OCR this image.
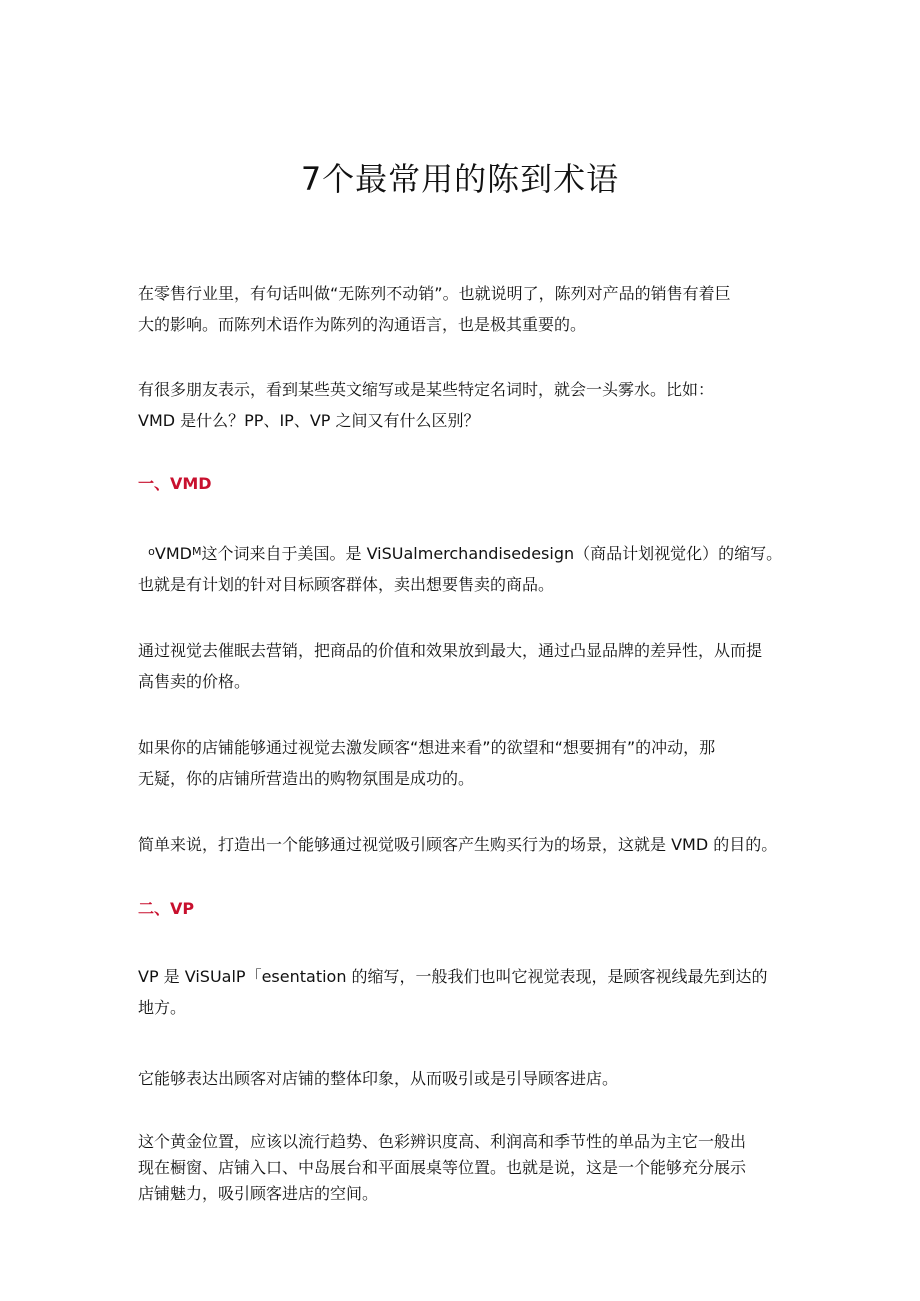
7个最常用的陈到术语

在零售行业里，有句话叫做“无陈列不动销”。也就说明了，陈列对产品的销售有着巨
大的影响。而陈列术语作为陈列的沟通语言，也是极其重要的。

有很多朋友表示，看到某些英文缩写或是某些特定名词时，就会一头雾水。比如：
VMD 是什么？PP、IP、VP 之间又有什么区别？

一、VMD

$^oVMD^M$这个词来自于美国。是 ViSUalmerchandisedesign（商品计划视觉化）的缩写。
也就是有计划的针对目标顾客群体，卖出想要售卖的商品。

通过视觉去催眠去营销，把商品的价值和效果放到最大，通过凸显品牌的差异性，从而提
高售卖的价格。

如果你的店铺能够通过视觉去激发顾客“想进来看”的欲望和“想要拥有”的冲动，那
无疑，你的店铺所营造出的购物氛围是成功的。

简单来说，打造出一个能够通过视觉吸引顾客产生购买行为的场景，这就是 VMD 的目的。

二、VP

VP 是 ViSUalP「esentation 的缩写，一般我们也叫它视觉表现，是顾客视线最先到达的
地方。

它能够表达出顾客对店铺的整体印象，从而吸引或是引导顾客进店。

这个黄金位置，应该以流行趋势、色彩辨识度高、利润高和季节性的单品为主它一般出
现在橱窗、店铺入口、中岛展台和平面展桌等位置。也就是说，这是一个能够充分展示
店铺魅力，吸引顾客进店的空间。
